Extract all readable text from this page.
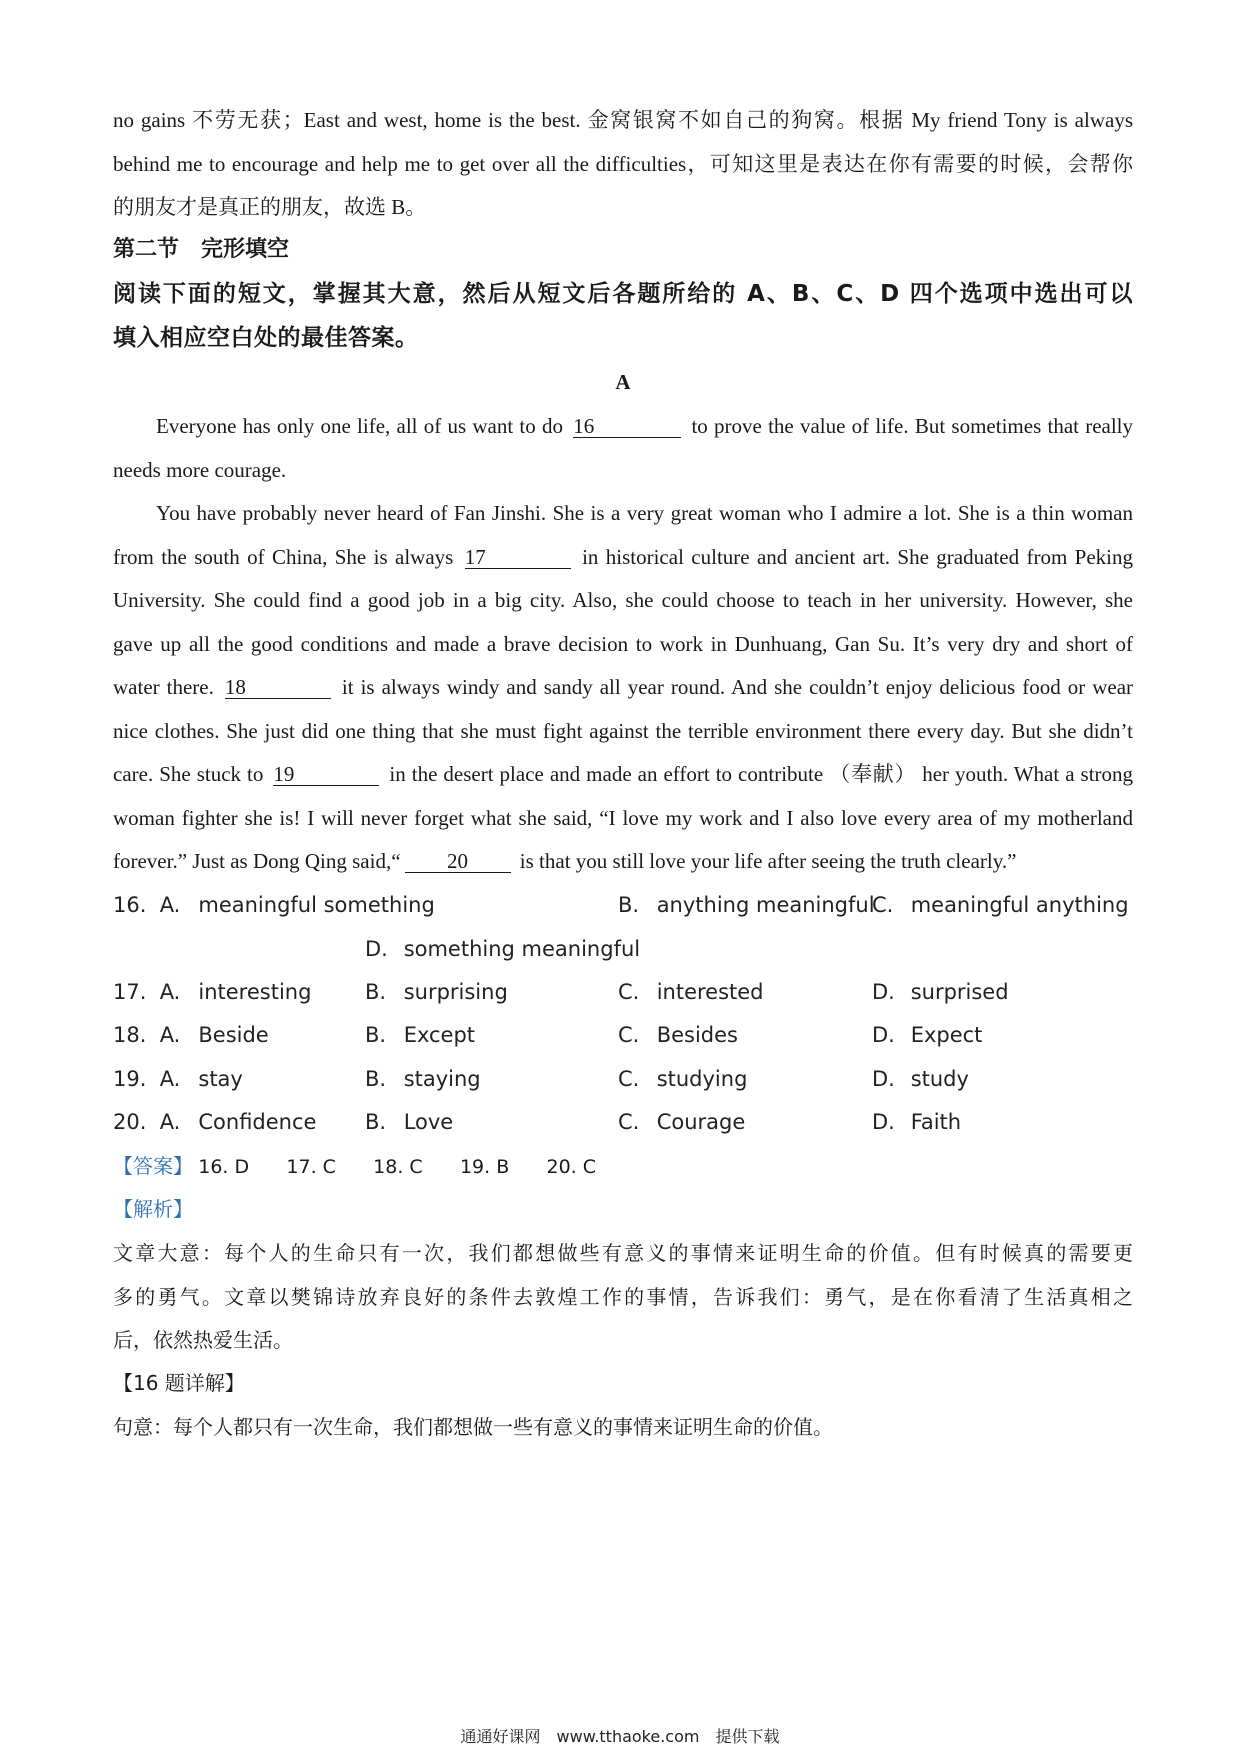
no gains 不劳无获；East and west, home is the best. 金窝银窝不如自己的狗窝。根据 My friend Tony is always
behind me to encourage and help me to get over all the difficulties，可知这里是表达在你有需要的时候，会帮你
的朋友才是真正的朋友，故选 B。
第二节　完形填空
阅读下面的短文，掌握其大意，然后从短文后各题所给的 A、B、C、D 四个选项中选出可以
填入相应空白处的最佳答案。
A
Everyone has only one life, all of us want to do 16	to prove the value of life. But sometimes that really
needs more courage.
You have probably never heard of Fan Jinshi. She is a very great woman who I admire a lot. She is a thin woman
from the south of China, She is always 17	in historical culture and ancient art. She graduated from Peking
University. She could find a good job in a big city. Also, she could choose to teach in her university. However, she
gave up all the good conditions and made a brave decision to work in Dunhuang, Gan Su. It’s very dry and short of
water there. 18	it is always windy and sandy all year round. And she couldn’t enjoy delicious food or wear
nice clothes. She just did one thing that she must fight against the terrible environment there every day. But she didn’t
care. She stuck to 19	in the desert place and made an effort to contribute （奉献） her youth. What a strong
woman fighter she is! I will never forget what she said, “I love my work and I also love every area of my motherland
forever.” Just as Dong Qing said,“ 20 is that you still love your life after seeing the truth clearly.”
16. A. meaningful something	B. anything meaningful
C. meaningful anything
D. something meaningful
17. A. interesting	B. surprising	C. interested	D. surprised
18. A. Beside	B. Except	C. Besides	D. Expect
19. A. stay	B. staying	C. studying	D. study
20. A. Confidence B. Love	C. Courage	D. Faith
【答案】 16. D 17. C 18. C 19. B 20. C
【解析】
文章大意：每个人的生命只有一次，我们都想做些有意义的事情来证明生命的价值。但有时候真的需要更
多的勇气。文章以樊锦诗放弃良好的条件去敦煌工作的事情，告诉我们：勇气，是在你看清了生活真相之
后，依然热爱生活。
【16 题详解】
句意：每个人都只有一次生命，我们都想做一些有意义的事情来证明生命的价值。
通通好课网　www.tthaoke.com　提供下载
